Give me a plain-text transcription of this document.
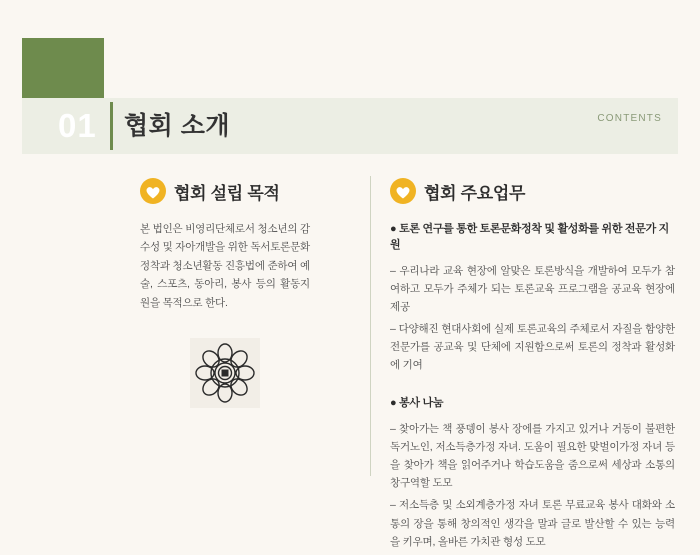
01 협회 소개	CONTENTS
협회 설립 목적
본 법인은 비영리단체로서 청소년의 감수성 및 자아개발을 위한 독서토론문화 정착과 청소년활동 진흥법에 준하여 예술, 스포츠, 동아리, 봉사 등의 활동지원을 목적으로 한다.
협회 주요업무
● 토론 연구를 통한 토론문화정착 및 활성화를 위한 전문가 지원

– 우리나라 교육 현장에 알맞은 토론방식을 개발하여 모두가 참여하고 모두가 주체가 되는 토론교육 프로그램을 공교육 현장에 제공

– 다양해진 현대사회에 실제 토론교육의 주체로서 자질을 함양한 전문가를 공교육 및 단체에 지원함으로써 토론의 정착과 활성화에 기여

● 봉사 나눔

– 찾아가는 책 풍뎅이 봉사 장에를 가지고 있거나 거동이 불편한 독거노인, 저소득층가정 자녀. 도움이 필요한 맞벌이가정 자녀 등을 찾아가 책을 읽어주거나 학습도움을 줌으로써 세상과 소통의 창구역할 도모

– 저소득층 및 소외계층가정 자녀 토론 무료교육 봉사 대화와 소통의 장을 통해 창의적인 생각을 말과 글로 발산할 수 있는 능력을 키우며, 올바른 가치관 형성 도모
